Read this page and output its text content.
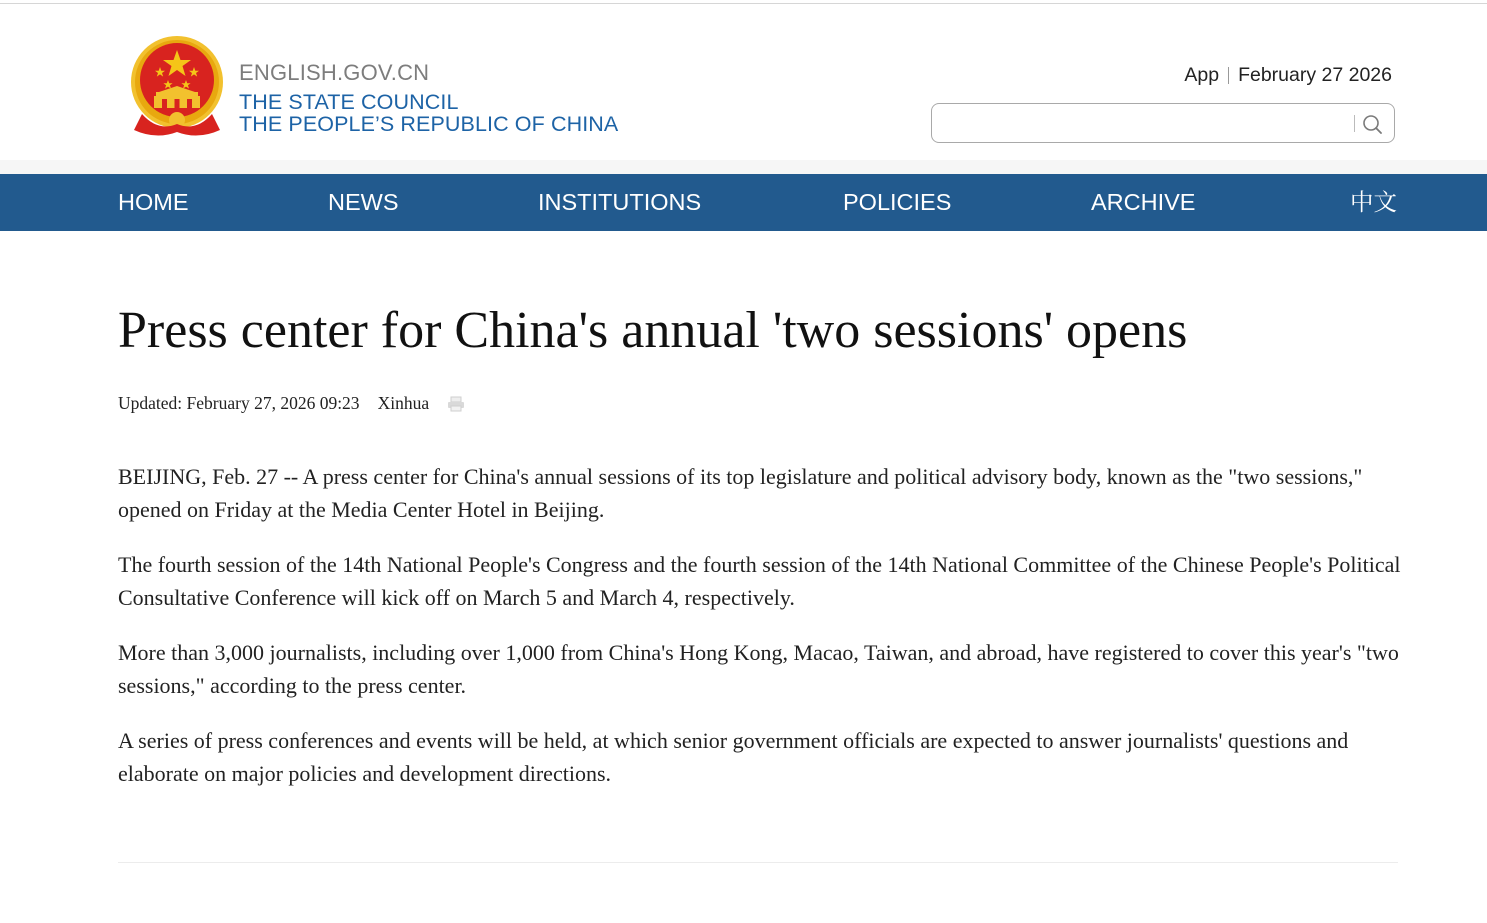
ENGLISH.GOV.CN
THE STATE COUNCIL
THE PEOPLE’S REPUBLIC OF CHINA
App February 27 2026
HOME	NEWS	INSTITUTIONS	POLICIES	ARCHIVE	中文
Press center for China's annual 'two sessions' opens
Updated: February 27, 2026 09:23 Xinhua

BEIJING, Feb. 27 -- A press center for China's annual sessions of its top legislature and political advisory body, known as the "two sessions," opened on Friday at the Media Center Hotel in Beijing.

The fourth session of the 14th National People's Congress and the fourth session of the 14th National Committee of the Chinese People's Political Consultative Conference will kick off on March 5 and March 4, respectively.

More than 3,000 journalists, including over 1,000 from China's Hong Kong, Macao, Taiwan, and abroad, have registered to cover this year's "two sessions," according to the press center.

A series of press conferences and events will be held, at which senior government officials are expected to answer journalists' questions and elaborate on major policies and development directions.
